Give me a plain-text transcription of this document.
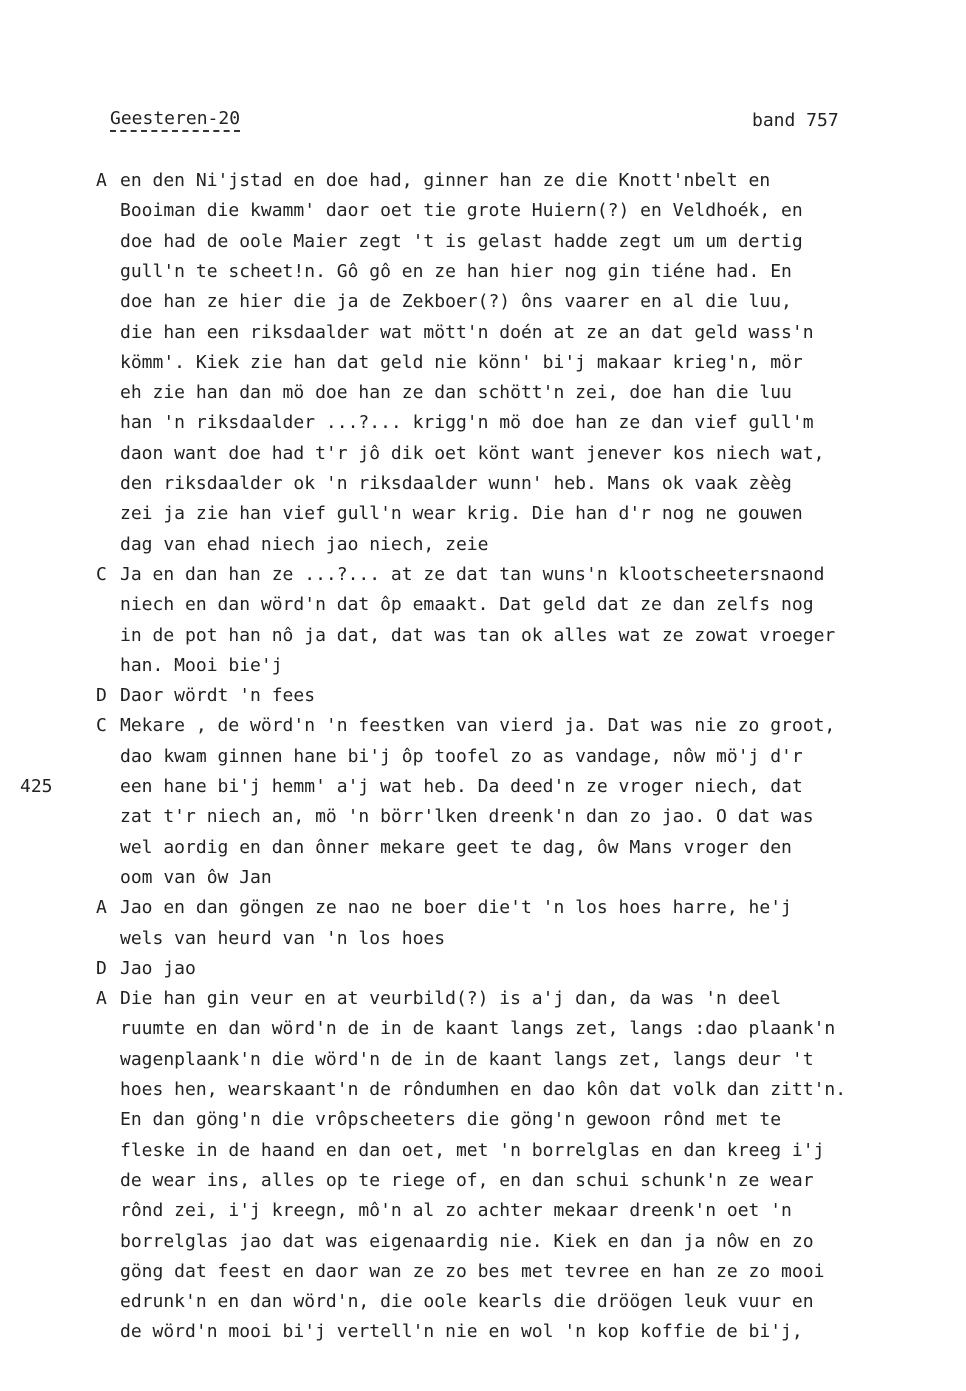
Geesteren-20	band 757
425
A en den Ni'jstad en doe had, ginner han ze die Knott'nbelt en
Booiman die kwamm' daor oet tie grote Huiern(?) en Veldhoék, en
doe had de oole Maier zegt 't is gelast hadde zegt um um dertig
gull'n te scheet!n. Gô gô en ze han hier nog gin tiéne had. En
doe han ze hier die ja de Zekboer(?) ôns vaarer en al die luu,
die han een riksdaalder wat mött'n doén at ze an dat geld wass'n
kömm'. Kiek zie han dat geld nie könn' bi'j makaar krieg'n, mör
eh zie han dan mö doe han ze dan schött'n zei, doe han die luu
han 'n riksdaalder ...?... krigg'n mö doe han ze dan vief gull'm
daon want doe had t'r jô dik oet könt want jenever kos niech wat,
den riksdaalder ok 'n riksdaalder wunn' heb. Mans ok vaak zèèg
zei ja zie han vief gull'n wear krig. Die han d'r nog ne gouwen
dag van ehad niech jao niech, zeie
C Ja en dan han ze ...?... at ze dat tan wuns'n klootscheetersnaond
niech en dan wörd'n dat ôp emaakt. Dat geld dat ze dan zelfs nog
in de pot han nô ja dat, dat was tan ok alles wat ze zowat vroeger
han. Mooi bie'j
D Daor wördt 'n fees
C Mekare , de wörd'n 'n feestken van vierd ja. Dat was nie zo groot,
dao kwam ginnen hane bi'j ôp toofel zo as vandage, nôw mö'j d'r
een hane bi'j hemm' a'j wat heb. Da deed'n ze vroger niech, dat
zat t'r niech an, mö 'n börr'lken dreenk'n dan zo jao. O dat was
wel aordig en dan ônner mekare geet te dag, ôw Mans vroger den
oom van ôw Jan
A Jao en dan göngen ze nao ne boer die't 'n los hoes harre, he'j
wels van heurd van 'n los hoes
D Jao jao
A Die han gin veur en at veurbild(?) is a'j dan, da was 'n deel
ruumte en dan wörd'n de in de kaant langs zet, langs :dao plaank'n
wagenplaank'n die wörd'n de in de kaant langs zet, langs deur 't
hoes hen, wearskaant'n de rôndumhen en dao kôn dat volk dan zitt'n.
En dan göng'n die vrôpscheeters die göng'n gewoon rônd met te
fleske in de haand en dan oet, met 'n borrelglas en dan kreeg i'j
de wear ins, alles op te riege of, en dan schui schunk'n ze wear
rônd zei, i'j kreegn, mô'n al zo achter mekaar dreenk'n oet 'n
borrelglas jao dat was eigenaardig nie. Kiek en dan ja nôw en zo
göng dat feest en daor wan ze zo bes met tevree en han ze zo mooi
edrunk'n en dan wörd'n, die oole kearls die dröögen leuk vuur en
de wörd'n mooi bi'j vertell'n nie en wol 'n kop koffie de bi'j,
